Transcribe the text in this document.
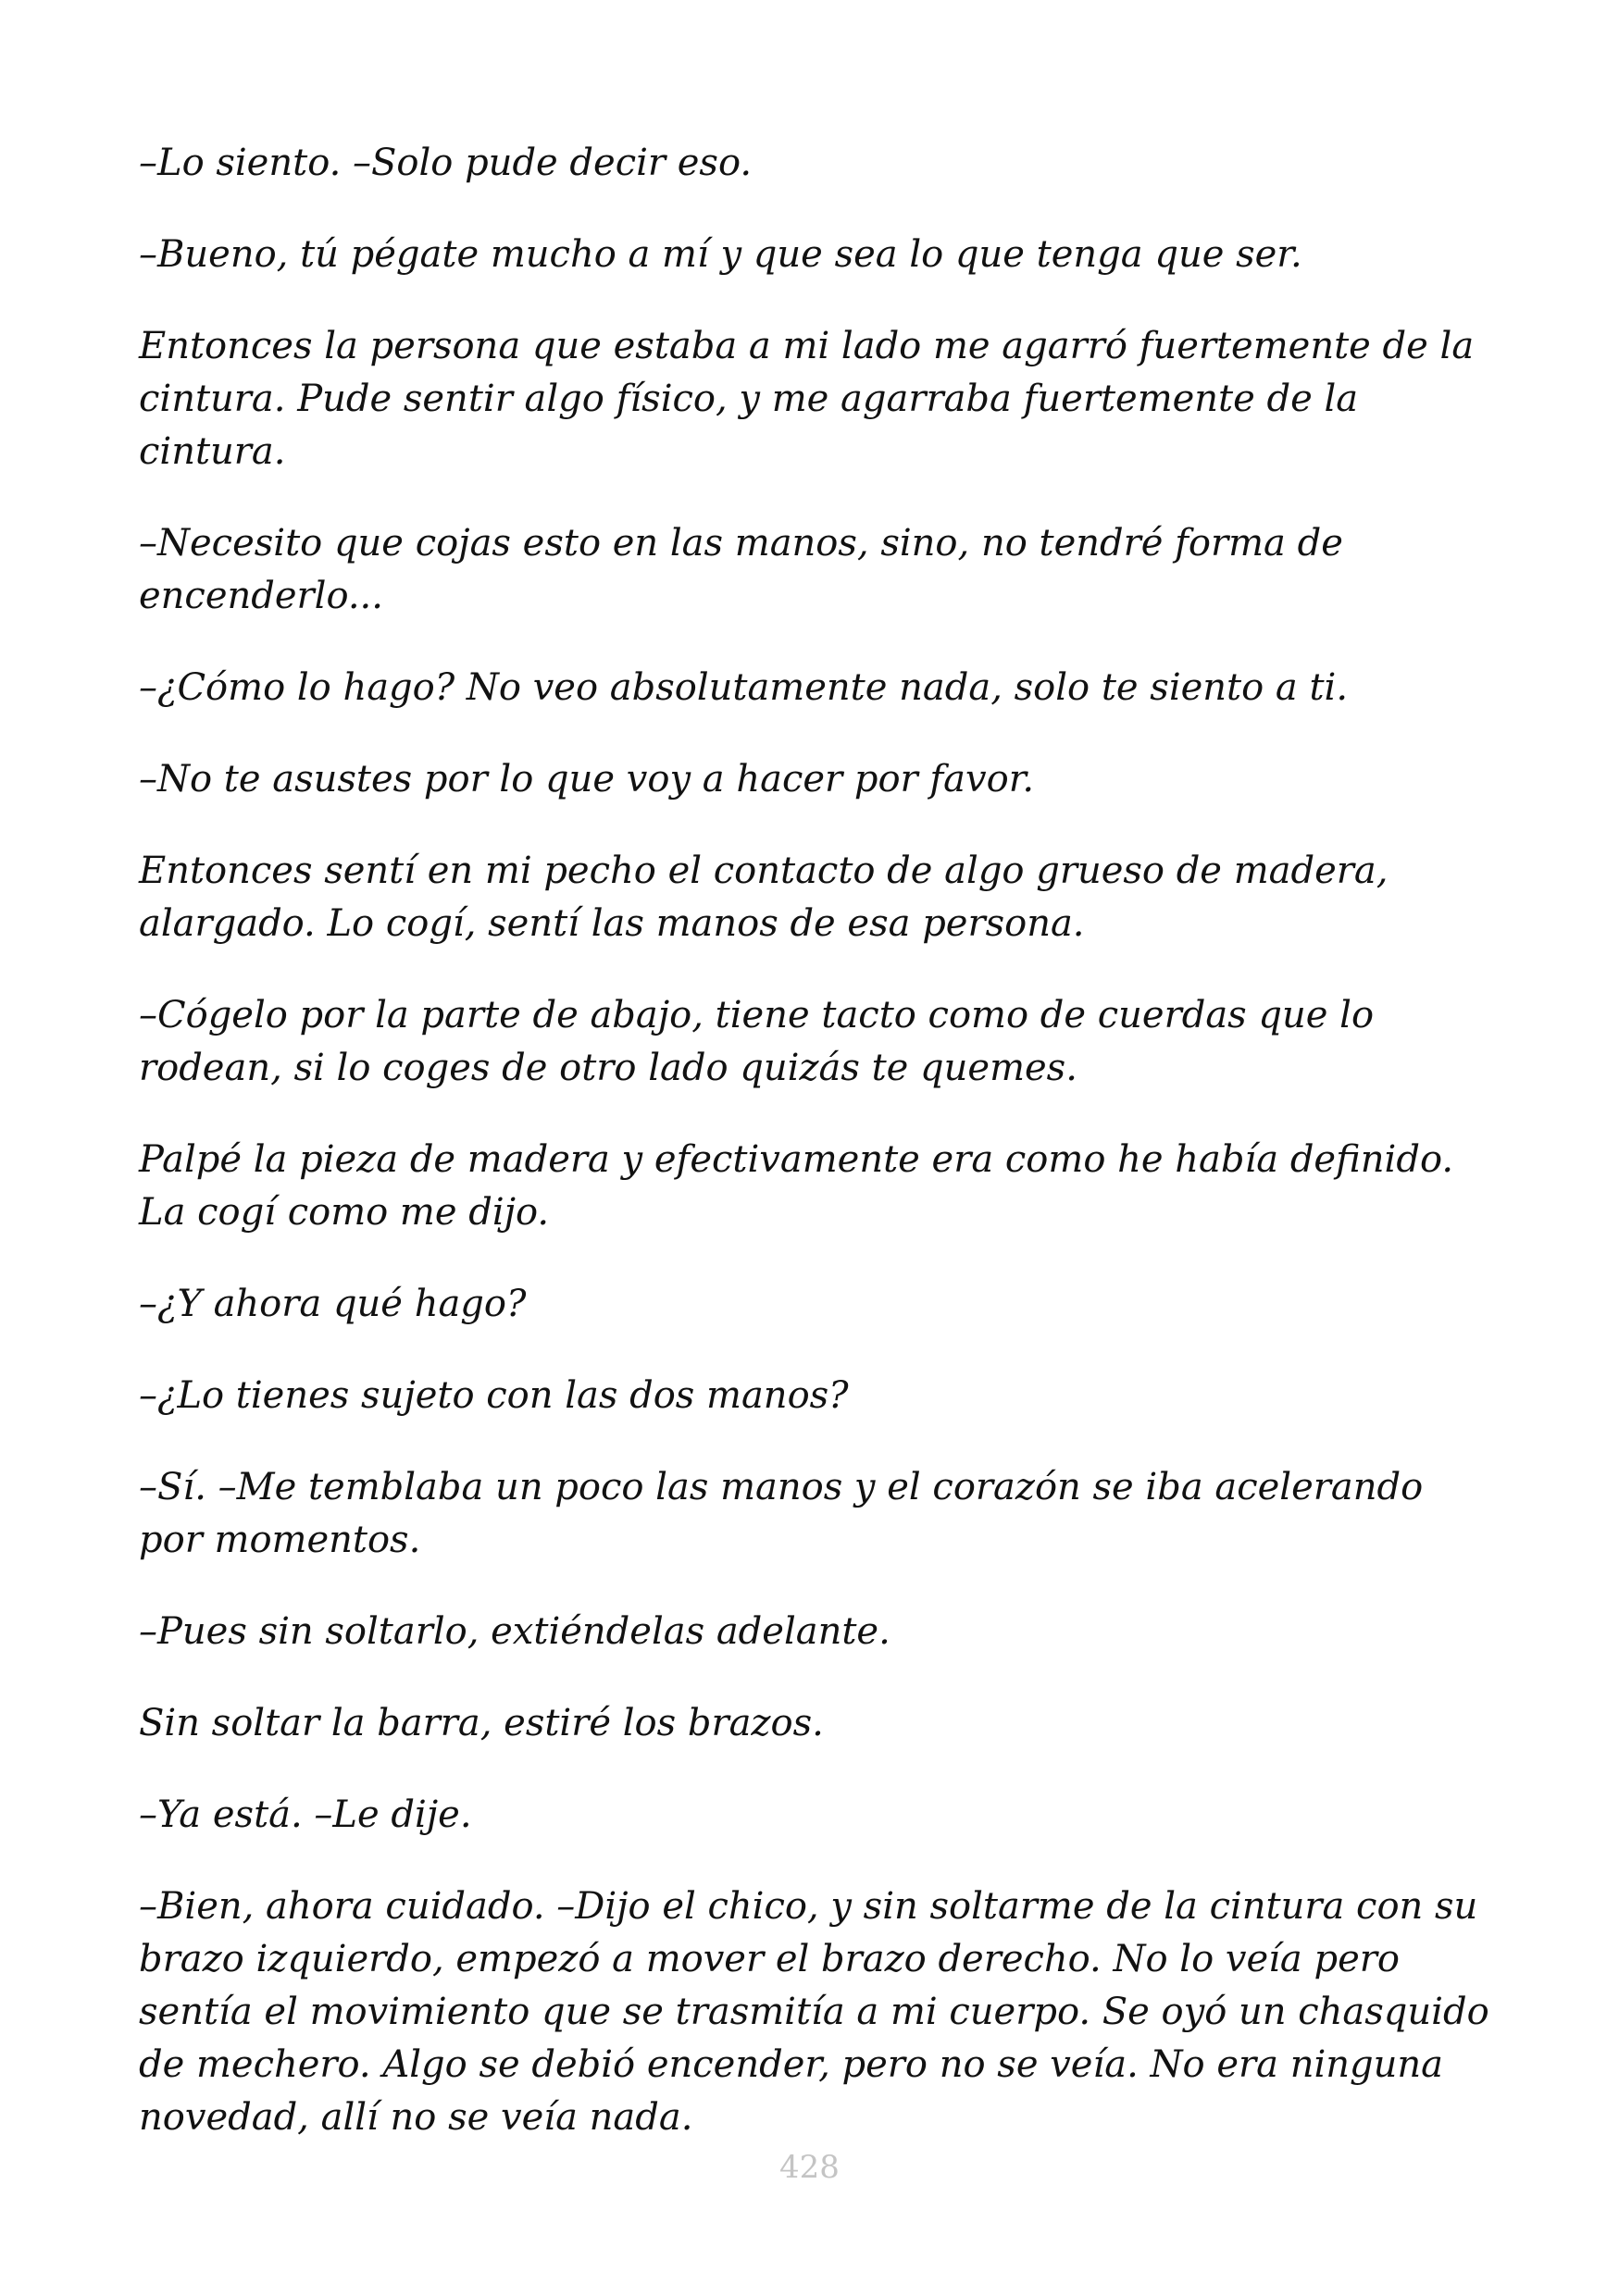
–Lo siento. –Solo pude decir eso.

–Bueno, tú pégate mucho a mí y que sea lo que tenga que ser.

Entonces la persona que estaba a mi lado me agarró fuertemente de la cintura. Pude sentir algo físico, y me agarraba fuertemente de la cintura.

–Necesito que cojas esto en las manos, sino, no tendré forma de encenderlo...

–¿Cómo lo hago? No veo absolutamente nada, solo te siento a ti.

–No te asustes por lo que voy a hacer por favor.

Entonces sentí en mi pecho el contacto de algo grueso de madera, alargado. Lo cogí, sentí las manos de esa persona.

–Cógelo por la parte de abajo, tiene tacto como de cuerdas que lo rodean, si lo coges de otro lado quizás te quemes.

Palpé la pieza de madera y efectivamente era como he había definido. La cogí como me dijo.

–¿Y ahora qué hago?

–¿Lo tienes sujeto con las dos manos?

–Sí. –Me temblaba un poco las manos y el corazón se iba acelerando por momentos.

–Pues sin soltarlo, extiéndelas adelante.

Sin soltar la barra, estiré los brazos.

–Ya está. –Le dije.

–Bien, ahora cuidado. –Dijo el chico, y sin soltarme de la cintura con su brazo izquierdo, empezó a mover el brazo derecho. No lo veía pero sentía el movimiento que se trasmitía a mi cuerpo. Se oyó un chasquido de mechero. Algo se debió encender, pero no se veía. No era ninguna novedad, allí no se veía nada.

428
